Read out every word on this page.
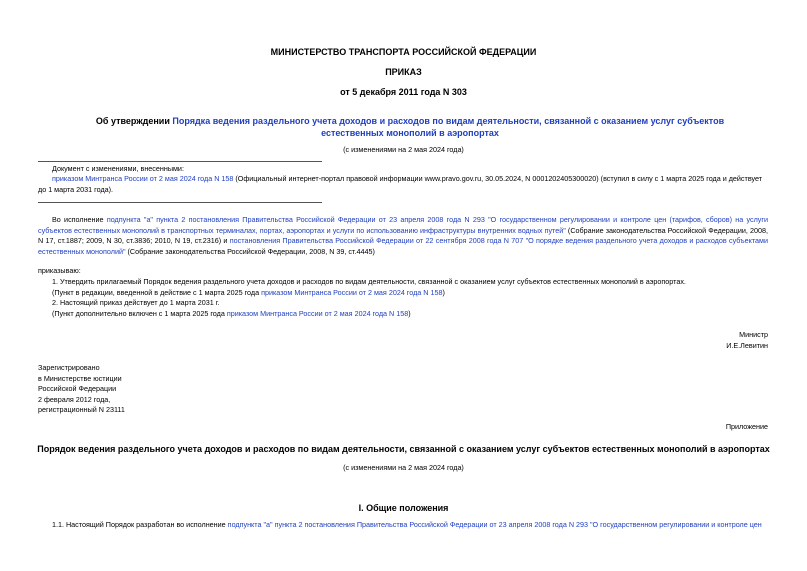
МИНИСТЕРСТВО ТРАНСПОРТА РОССИЙСКОЙ ФЕДЕРАЦИИ
ПРИКАЗ
от 5 декабря 2011 года N 303
Об утверждении Порядка ведения раздельного учета доходов и расходов по видам деятельности, связанной с оказанием услуг субъектов естественных монополий в аэропортах
(с изменениями на 2 мая 2024 года)
Документ с изменениями, внесенными:
приказом Минтранса России от 2 мая 2024 года N 158 (Официальный интернет-портал правовой информации www.pravo.gov.ru, 30.05.2024, N 0001202405300020) (вступил в силу с 1 марта 2025 года и действует до 1 марта 2031 года).
Во исполнение подпункта "а" пункта 2 постановления Правительства Российской Федерации от 23 апреля 2008 года N 293 "О государственном регулировании и контроле цен (тарифов, сборов) на услуги субъектов естественных монополий в транспортных терминалах, портах, аэропортах и услуги по использованию инфраструктуры внутренних водных путей" (Собрание законодательства Российской Федерации, 2008, N 17, ст.1887; 2009, N 30, ст.3836; 2010, N 19, ст.2316) и постановления Правительства Российской Федерации от 22 сентября 2008 года N 707 "О порядке ведения раздельного учета доходов и расходов субъектами естественных монополий" (Собрание законодательства Российской Федерации, 2008, N 39, ст.4445)
приказываю:
1. Утвердить прилагаемый Порядок ведения раздельного учета доходов и расходов по видам деятельности, связанной с оказанием услуг субъектов естественных монополий в аэропортах.
(Пункт в редакции, введенной в действие с 1 марта 2025 года приказом Минтранса России от 2 мая 2024 года N 158)
2. Настоящий приказ действует до 1 марта 2031 г.
(Пункт дополнительно включен с 1 марта 2025 года приказом Минтранса России от 2 мая 2024 года N 158)
Министр
И.Е.Левитин
Зарегистрировано
в Министерстве юстиции
Российской Федерации
2 февраля 2012 года,
регистрационный N 23111
Приложение
Порядок ведения раздельного учета доходов и расходов по видам деятельности, связанной с оказанием услуг субъектов естественных монополий в аэропортах
(с изменениями на 2 мая 2024 года)
I. Общие положения
1.1. Настоящий Порядок разработан во исполнение подпункта "а" пункта 2 постановления Правительства Российской Федерации от 23 апреля 2008 года N 293 "О государственном регулировании и контроле цен
